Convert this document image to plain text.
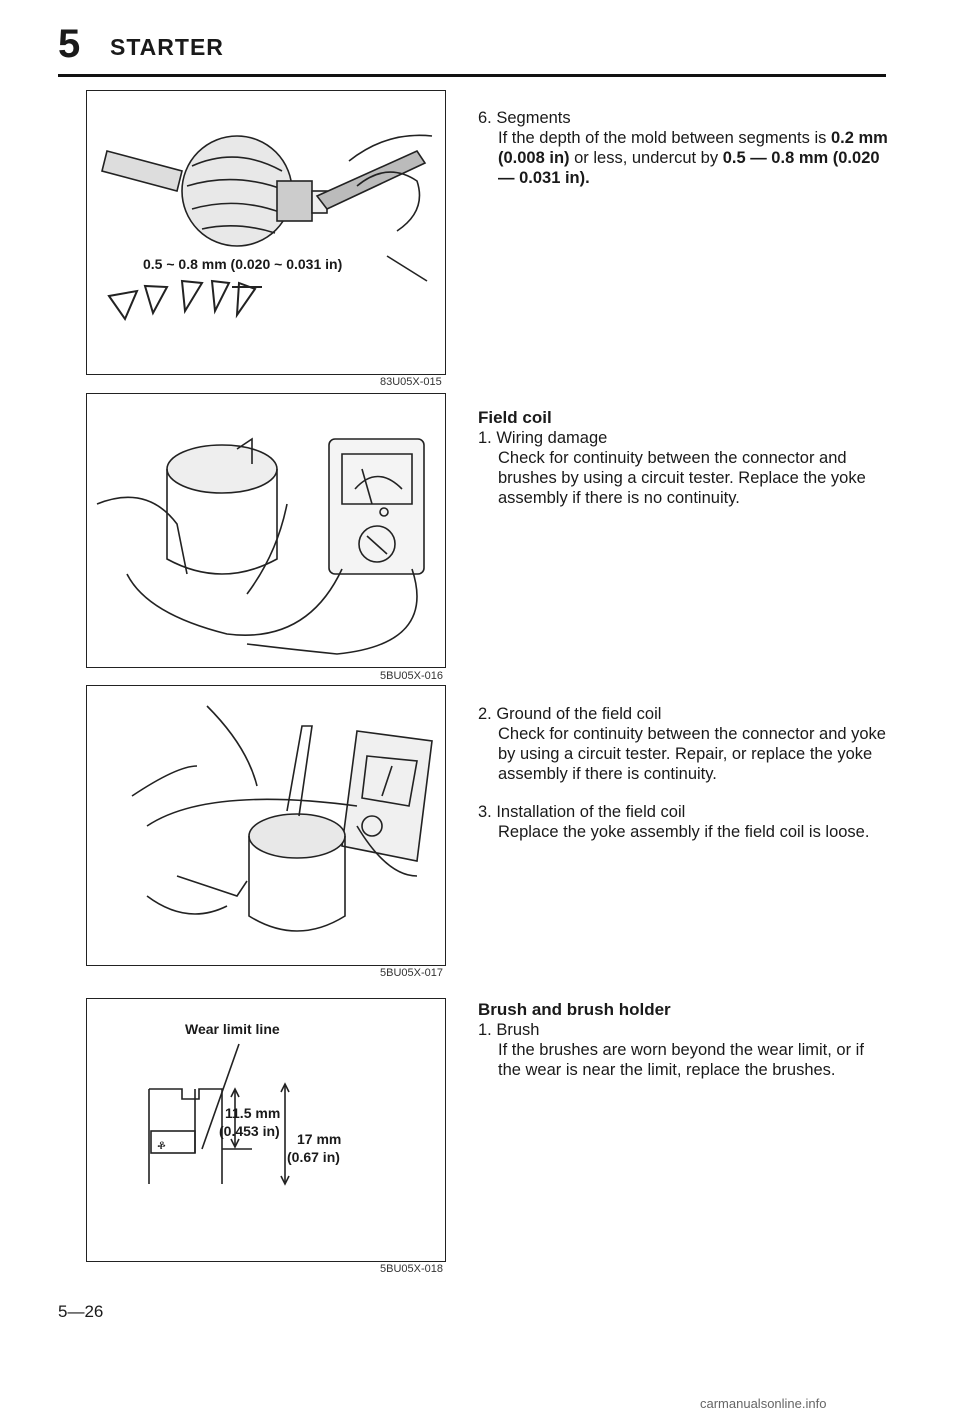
5 STARTER
0.5 ~ 0.8 mm (0.020 ~ 0.031 in)
83U05X-015
5BU05X-016
5BU05X-017
ቆ
Wear limit line
11.5 mm
(0.453 in) 17 mm
(0.67 in)
5BU05X-018
6. Segments
If the depth of the mold between segments is 0.2 mm (0.008 in) or less, undercut by 0.5 — 0.8 mm (0.020 — 0.031 in).
Field coil
1. Wiring damage
Check for continuity between the connector and brushes by using a circuit tester. Replace the yoke assembly if there is no continuity.
2. Ground of the field coil
Check for continuity between the connector and yoke by using a circuit tester. Repair, or replace the yoke assembly if there is continuity.
3. Installation of the field coil
Replace the yoke assembly if the field coil is loose.
Brush and brush holder
1. Brush
If the brushes are worn beyond the wear limit, or if the wear is near the limit, replace the brushes.
5—26
carmanualsonline.info
